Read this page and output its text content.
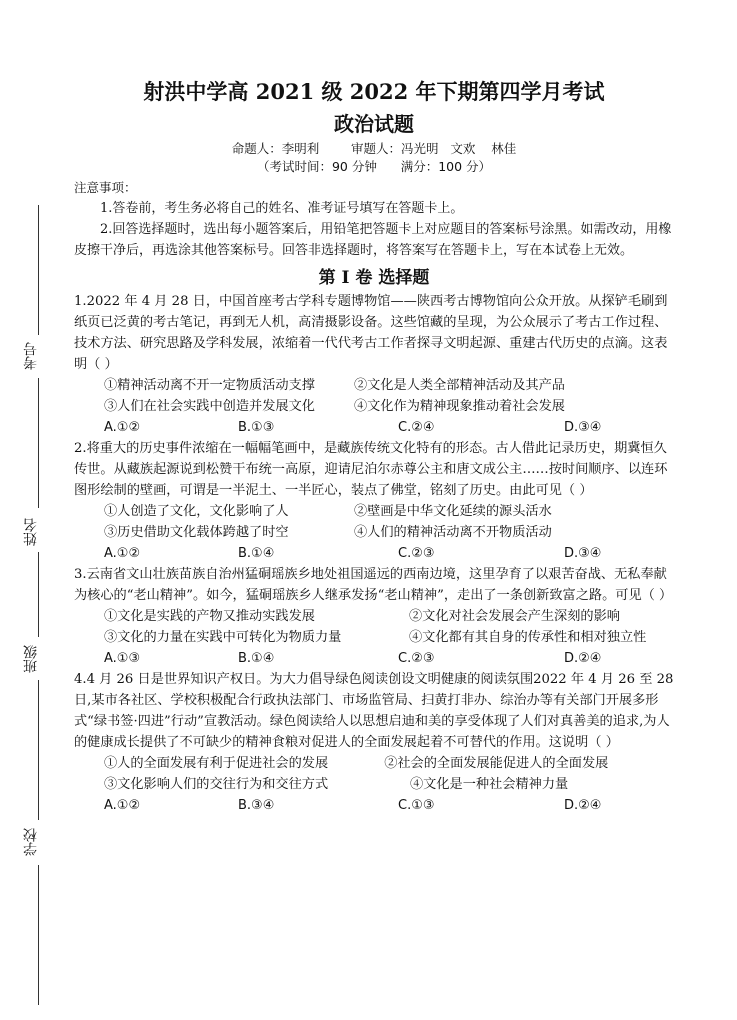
考号
姓名
班级
学校
射洪中学高 2021 级 2022 年下期第四学月考试
政治试题
命题人：李明利        审题人：冯光明   文欢    林佳
（考试时间：90 分钟      满分：100 分）
注意事项：

1.答卷前，考生务必将自己的姓名、准考证号填写在答题卡上。

2.回答选择题时，选出每小题答案后，用铅笔把答题卡上对应题目的答案标号涂黑。如需改动，用橡皮擦干净后，再选涂其他答案标号。回答非选择题时，将答案写在答题卡上，写在本试卷上无效。

第 I 卷 选择题

1.2022 年 4 月 28 日，中国首座考古学科专题博物馆——陕西考古博物馆向公众开放。从探铲毛刷到纸页已泛黄的考古笔记，再到无人机，高清摄影设备。这些馆藏的呈现，为公众展示了考古工作过程、技术方法、研究思路及学科发展，浓缩着一代代考古工作者探寻文明起源、重建古代历史的点滴。这表明（ ）

①精神活动离不开一定物质活动支撑	②文化是人类全部精神活动及其产品
③人们在社会实践中创造并发展文化	④文化作为精神现象推动着社会发展
A.①②	B.①③	C.②④	D.③④

2.将重大的历史事件浓缩在一幅幅笔画中，是藏族传统文化特有的形态。古人借此记录历史，期冀恒久传世。从藏族起源说到松赞干布统一高原，迎请尼泊尔赤尊公主和唐文成公主……按时间顺序、以连环图形绘制的壁画，可谓是一半泥土、一半匠心，装点了佛堂，铭刻了历史。由此可见（ ）

①人创造了文化，文化影响了人	②壁画是中华文化延续的源头活水
③历史借助文化载体跨越了时空	④人们的精神活动离不开物质活动
A.①②	B.①④	C.②③	D.③④

3.云南省文山壮族苗族自治州猛硐瑶族乡地处祖国遥远的西南边境，这里孕育了以艰苦奋战、无私奉献为核心的“老山精神”。如今，猛硐瑶族乡人继承发扬“老山精神”，走出了一条创新致富之路。可见（ ）

①文化是实践的产物又推动实践发展	②文化对社会发展会产生深刻的影响
③文化的力量在实践中可转化为物质力量	④文化都有其自身的传承性和相对独立性
A.①③	B.①④	C.②③	D.②④

4.4 月 26 日是世界知识产权日。为大力倡导绿色阅读创设文明健康的阅读氛围2022 年 4 月 26 至 28 日,某市各社区、学校积极配合行政执法部门、市场监管局、扫黄打非办、综治办等有关部门开展多形式“绿书签·四进”行动”宣教活动。绿色阅读给人以思想启迪和美的享受体现了人们对真善美的追求,为人的健康成长提供了不可缺少的精神食粮对促进人的全面发展起着不可替代的作用。这说明（ ）

①人的全面发展有利于促进社会的发展	②社会的全面发展能促进人的全面发展
③文化影响人们的交往行为和交往方式	④文化是一种社会精神力量
A.①②	B.③④	C.①③	D.②④
